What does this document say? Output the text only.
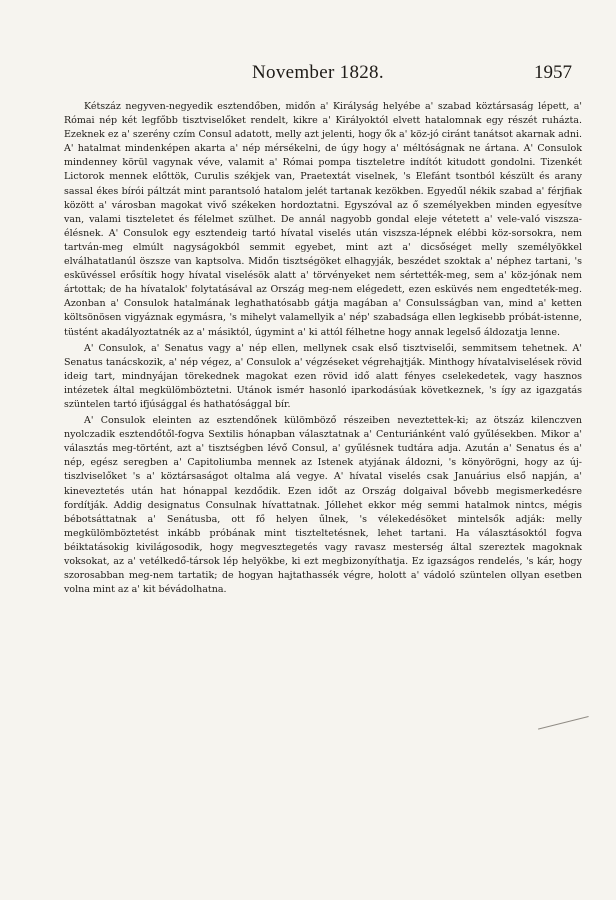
November 1828.	1957

Kétszáz negyven-negyedik esztendőben, midőn a' Királyság helyébe a' szabad köztársaság lépett, a' Római nép két legfőbb tisztviselőket rendelt, kikre a' Királyoktól elvett hatalomnak egy részét ruházta. Ezeknek ez a' szerény czím Consul adatott, melly azt jelenti, hogy ők a' köz-jó ciránt tanátsot akarnak adni. A' hatalmat mindenképen akarta a' nép mérsékelni, de úgy hogy a' méltóságnak ne ártana. A' Consulok mindenney körül vagynak véve, valamit a' Római pompa tiszteletre indítót kitudott gondolni. Tizenkét Lictorok mennek előttök, Curulis székjek van, Praetextát viselnek, 's Elefánt tsontból készült és arany sassal ékes bírói páltzát mint parantsoló hatalom jelét tartanak kezökben. Egyedűl nékik szabad a' férjfiak között a' városban magokat vivő székeken hordoztatni. Egyszóval az ő személyekben minden egyesítve van, valami tiszteletet és félelmet szülhet. De annál nagyobb gondal eleje vétetett a' vele-való viszsza-élésnek. A' Consulok egy esztendeig tartó hívatal viselés után viszsza-lépnek elébbi köz-sorsokra, nem tartván-meg elmúlt nagyságokból semmit egyebet, mint azt a' dicsőséget melly személyökkel elválhatatlanúl öszsze van kaptsolva. Midőn tisztségöket elhagyják, beszédet szoktak a' néphez tartani, 's esküvéssel erősítik hogy hívatal viselésök alatt a' törvényeket nem sértették-meg, sem a' köz-jónak nem ártottak; de ha hívatalok' folytatásával az Ország meg-nem elégedett, ezen esküvés nem engedteték-meg. Azonban a' Consulok hatalmának leghathatósabb gátja magában a' Consulsságban van, mind a' ketten költsönösen vigyáznak egymásra, 's mihelyt valamellyik a' nép' szabadsága ellen legkisebb próbát-istenne, tüstént akadályoztatnék az a' másiktól, úgymint a' ki attól félhetne hogy annak legelső áldozatja lenne.

A' Consulok, a' Senatus vagy a' nép ellen, mellynek csak első tisztviselői, semmitsem tehetnek. A' Senatus tanácskozik, a' nép végez, a' Consulok a' végzéseket végrehajtják. Minthogy hívatalviselések rövid ideig tart, mindnyájan törekednek magokat ezen rövid idő alatt fényes cselekedetek, vagy hasznos intézetek által megkülömböztetni. Utánok isméт hasonló iparkodásúak következnek, 's így az igazgatás szüntelen tartó ifjúsággal és hathatósággal bír.

A' Consulok eleinten az esztendőnek külömböző részeiben neveztettek-ki; az ötszáz kilenczven nyolczadik esztendőtől-fogva Sextilis hónapban választatnak a' Centuriánként való gyűlésekben. Mikor a' választás meg-történt, azt a' tisztségben lévő Consul, a' gyűlésnek tudtára adja. Azután a' Senatus és a' nép, egész seregben a' Capitoliumba mennek az Istenek atyjának áldozni, 's könyörögni, hogy az új-tiszlviselőket 's a' köztársaságot oltalma alá vegye. A' hívatal viselés csak Januárius első napján, a' kineveztetés után hat hónappal kezdődik. Ezen időt az Ország dolgaival bővebb megismerkedésre fordítják. Addig designatus Consulnak hívattatnak. Jóllehet ekkor még semmi hatalmok nintcs, mégis bébotsáttatnak a' Senátusba, ott fő helyen űlnek, 's vélekedésöket mintelsők adják: melly megkülömböztetést inkább próbának mint tiszteltetésnek, lehet tartani. Ha választásoktól fogva béiktatásokig kivilágosodik, hogy megvesztegetés vagy ravasz mesterség által szereztek magoknak voksokat, az a' vetélkedő-társok lép helyökbe, ki ezt megbizonyíthatja. Ez igazságos rendelés, 's kár, hogy szorosabban meg-nem tartatik; de hogyan hajtathassék végre, holott a' vádoló szüntelen ollyan esetben volna mint az a' kit bévádolhatna.
